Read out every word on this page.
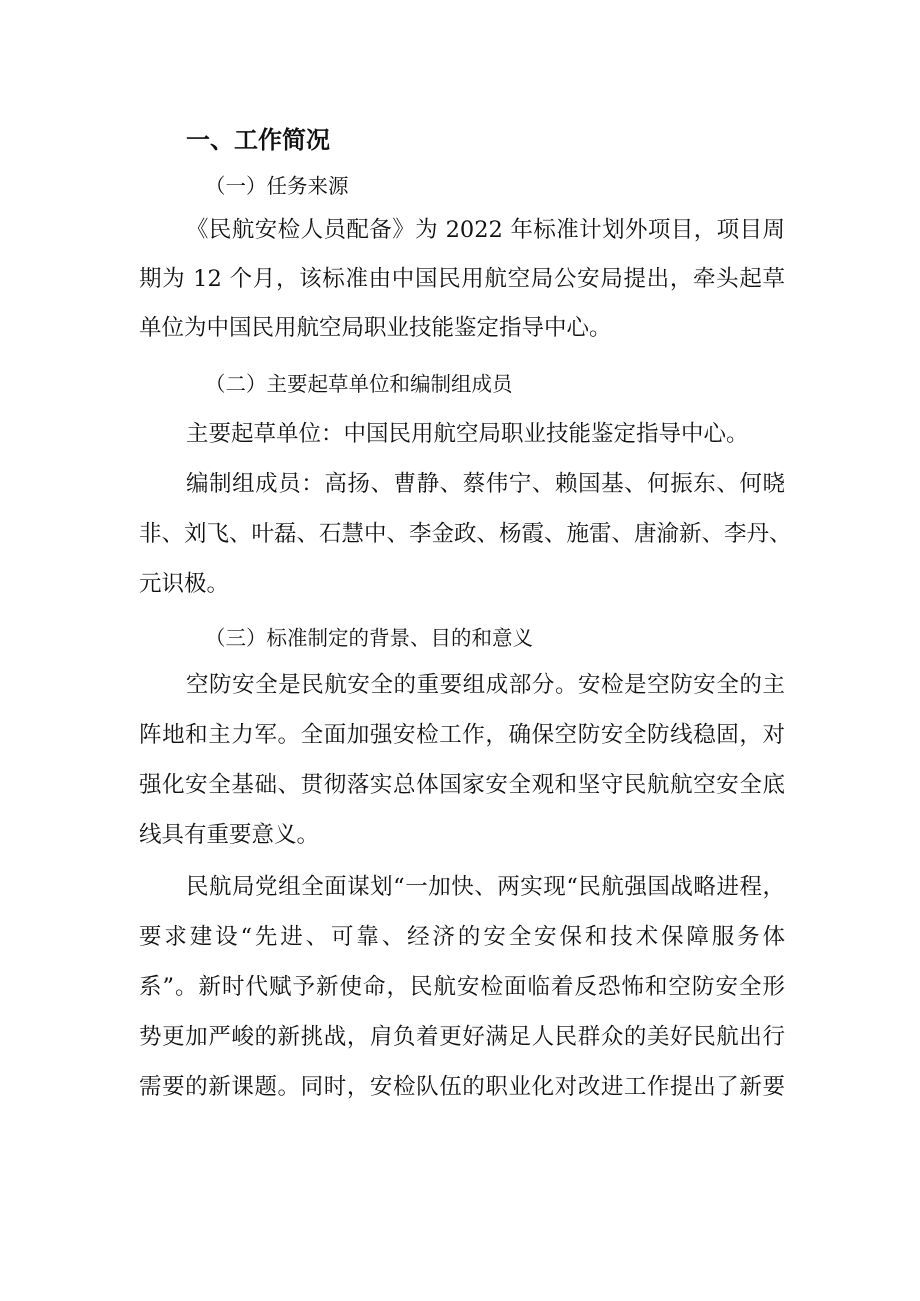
一、工作简况
（一）任务来源
《民航安检人员配备》为 2022 年标准计划外项目，项目周
期为 12 个月，该标准由中国民用航空局公安局提出，牵头起草
单位为中国民用航空局职业技能鉴定指导中心。
（二）主要起草单位和编制组成员
主要起草单位：中国民用航空局职业技能鉴定指导中心。
编制组成员：高扬、曹静、蔡伟宁、赖国基、何振东、何晓
非、刘飞、叶磊、石慧中、李金政、杨霞、施雷、唐渝新、李丹、
元识极。
（三）标准制定的背景、目的和意义
空防安全是民航安全的重要组成部分。安检是空防安全的主
阵地和主力军。全面加强安检工作，确保空防安全防线稳固，对
强化安全基础、贯彻落实总体国家安全观和坚守民航航空安全底
线具有重要意义。
民航局党组全面谋划“一加快、两实现“民航强国战略进程，
要求建设“先进、可靠、经济的安全安保和技术保障服务体
系”。新时代赋予新使命，民航安检面临着反恐怖和空防安全形
势更加严峻的新挑战，肩负着更好满足人民群众的美好民航出行
需要的新课题。同时，安检队伍的职业化对改进工作提出了新要
